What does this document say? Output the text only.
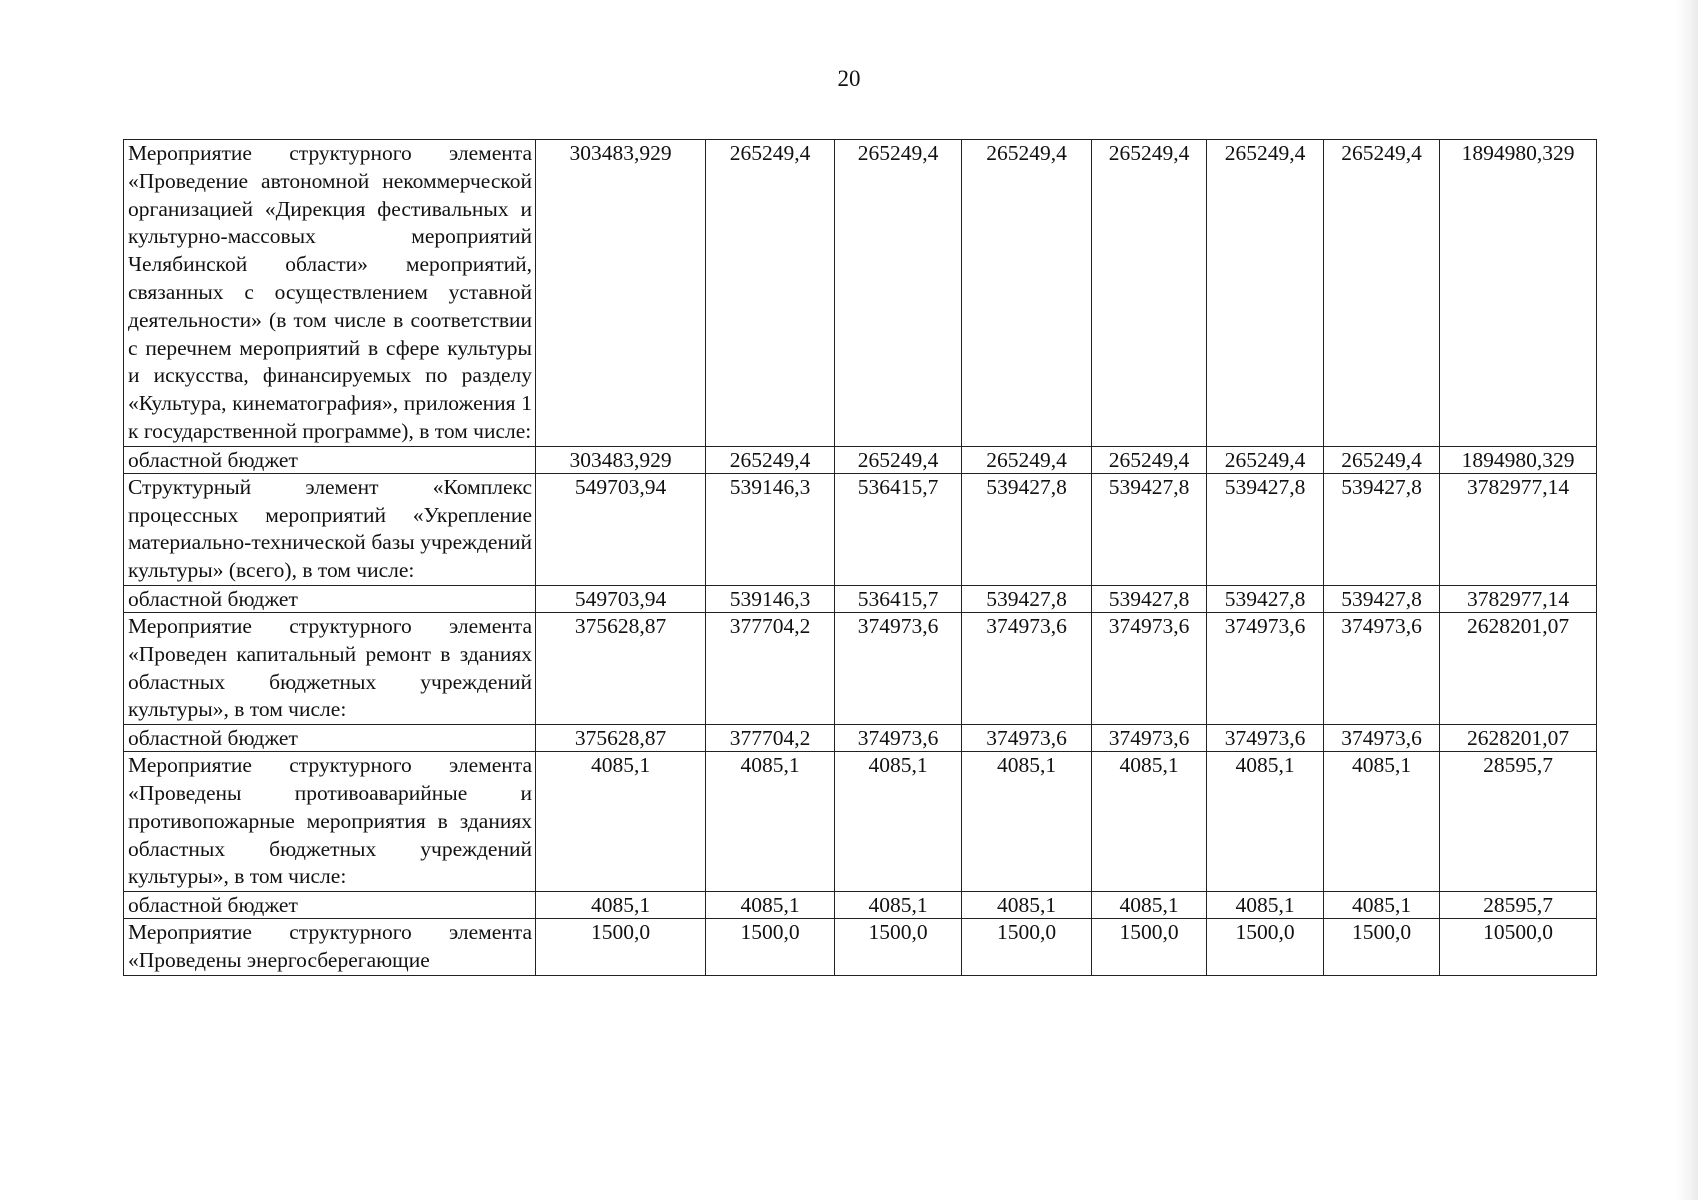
20
Мероприятие структурного элемента «Проведение автономной некоммерческой организацией «Дирекция фестивальных и культурно-массовых мероприятий Челябинской области» мероприятий, связанных с осуществлением уставной деятельности» (в том числе в соответствии с перечнем мероприятий в сфере культуры и искусства, финансируемых по разделу «Культура, кинематография», приложения 1 к государственной программе), в том числе:	303483,929	265249,4	265249,4	265249,4	265249,4	265249,4	265249,4	1894980,329
областной бюджет	303483,929	265249,4	265249,4	265249,4	265249,4	265249,4	265249,4	1894980,329
Структурный элемент «Комплекс процессных мероприятий «Укрепление материально-технической базы учреждений культуры» (всего), в том числе:	549703,94	539146,3	536415,7	539427,8	539427,8	539427,8	539427,8	3782977,14
областной бюджет	549703,94	539146,3	536415,7	539427,8	539427,8	539427,8	539427,8	3782977,14
Мероприятие структурного элемента «Проведен капитальный ремонт в зданиях областных бюджетных учреждений культуры», в том числе:	375628,87	377704,2	374973,6	374973,6	374973,6	374973,6	374973,6	2628201,07
областной бюджет	375628,87	377704,2	374973,6	374973,6	374973,6	374973,6	374973,6	2628201,07
Мероприятие структурного элемента «Проведены противоаварийные и противопожарные мероприятия в зданиях областных бюджетных учреждений культуры», в том числе:	4085,1	4085,1	4085,1	4085,1	4085,1	4085,1	4085,1	28595,7
областной бюджет	4085,1	4085,1	4085,1	4085,1	4085,1	4085,1	4085,1	28595,7
Мероприятие структурного элемента «Проведены энергосберегающие	1500,0	1500,0	1500,0	1500,0	1500,0	1500,0	1500,0	10500,0
